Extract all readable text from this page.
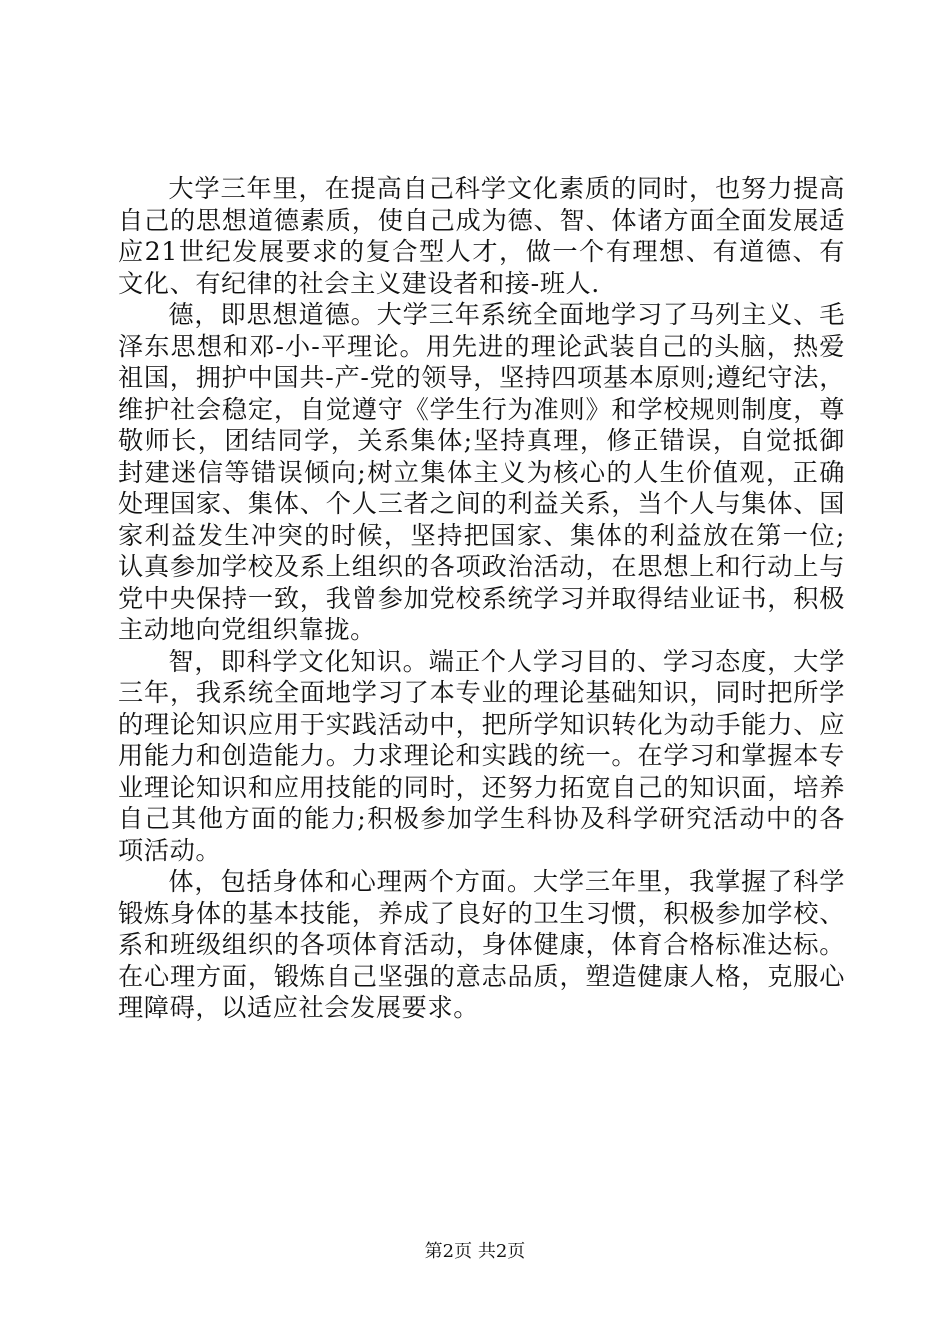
大学三年里，在提高自己科学文化素质的同时，也努力提高自己的思想道德素质，使自己成为德、智、体诸方面全面发展适应21世纪发展要求的复合型人才，做一个有理想、有道德、有文化、有纪律的社会主义建设者和接-班人.

德，即思想道德。大学三年系统全面地学习了马列主义、毛泽东思想和邓-小-平理论。用先进的理论武装自己的头脑，热爱祖国，拥护中国共-产-党的领导，坚持四项基本原则;遵纪守法，维护社会稳定，自觉遵守《学生行为准则》和学校规则制度，尊敬师长，团结同学，关系集体;坚持真理，修正错误，自觉抵御封建迷信等错误倾向;树立集体主义为核心的人生价值观，正确处理国家、集体、个人三者之间的利益关系，当个人与集体、国家利益发生冲突的时候，坚持把国家、集体的利益放在第一位;认真参加学校及系上组织的各项政治活动，在思想上和行动上与党中央保持一致，我曾参加党校系统学习并取得结业证书，积极主动地向党组织靠拢。

智，即科学文化知识。端正个人学习目的、学习态度，大学三年，我系统全面地学习了本专业的理论基础知识，同时把所学的理论知识应用于实践活动中，把所学知识转化为动手能力、应用能力和创造能力。力求理论和实践的统一。在学习和掌握本专业理论知识和应用技能的同时，还努力拓宽自己的知识面，培养自己其他方面的能力;积极参加学生科协及科学研究活动中的各项活动。

体，包括身体和心理两个方面。大学三年里，我掌握了科学锻炼身体的基本技能，养成了良好的卫生习惯，积极参加学校、系和班级组织的各项体育活动，身体健康，体育合格标准达标。在心理方面，锻炼自己坚强的意志品质，塑造健康人格，克服心理障碍，以适应社会发展要求。

第2页 共2页
